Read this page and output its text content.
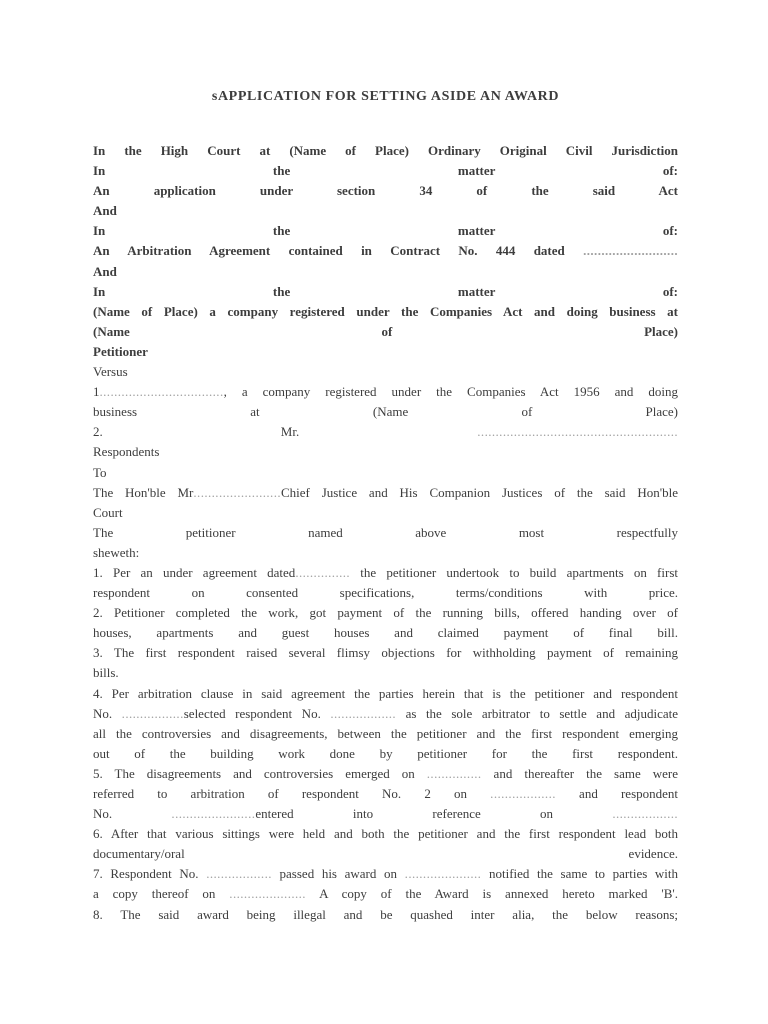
sAPPLICATION FOR SETTING ASIDE AN AWARD
In the High Court at (Name of Place) Ordinary Original Civil Jurisdiction
In the matter of:
An application under section 34 of the said Act
And
In the matter of:
An Arbitration Agreement contained in Contract No. 444 dated ..........................
And
In the matter of:
(Name of Place) a company registered under the Companies Act and doing business at
(Name of Place)
Petitioner
Versus
1.................................., a company registered under the Companies Act 1956 and doing
business at (Name of Place)
2.	Mr.	.......................................................
Respondents
To
The Hon'ble Mr........................Chief Justice and His Companion Justices of the said Hon'ble
Court
The petitioner named above most respectfully
sheweth:
1. Per an under agreement dated............... the petitioner undertook to build apartments on first
respondent on consented specifications, terms/conditions with price.
2. Petitioner completed the work, got payment of the running bills, offered handing over of
houses, apartments and guest houses and claimed payment of final bill.
3. The first respondent raised several flimsy objections for withholding payment of remaining
bills.
4. Per arbitration clause in said agreement the parties herein that is the petitioner and respondent
No. .................selected respondent No. .................. as the sole arbitrator to settle and adjudicate
all the controversies and disagreements, between the petitioner and the first respondent emerging
out of the building work done by petitioner for the first respondent.
5. The disagreements and controversies emerged on ............... and thereafter the same were
referred to arbitration of respondent No. 2 on .................. and respondent
No.	.......................entered	into reference on	..................
6. After that various sittings were held and both the petitioner and the first respondent lead both
documentary/oral evidence.
7. Respondent No. .................. passed his award on ..................... notified the same to parties with
a copy thereof on ..................... A copy of the Award is annexed hereto marked 'B'.
8. The said award being illegal and be quashed inter alia, the below reasons;
